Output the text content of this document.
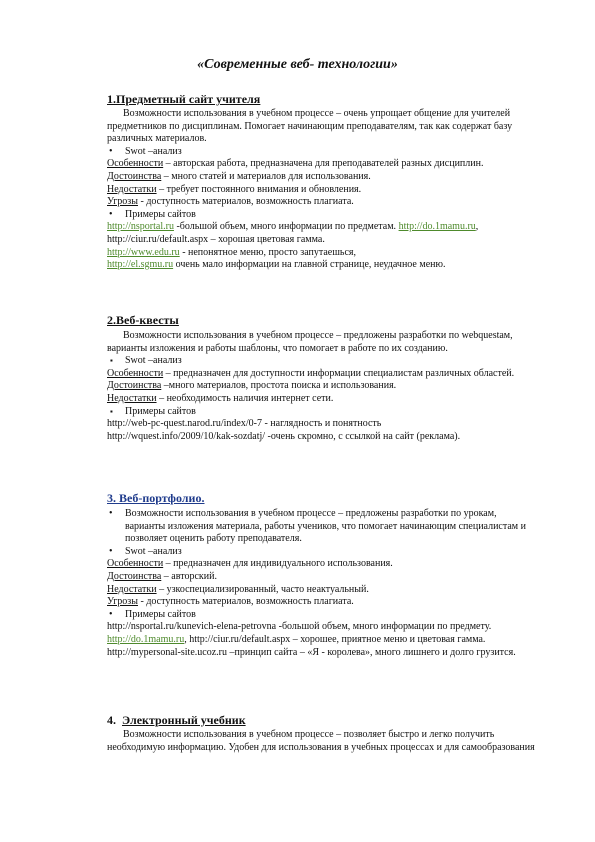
«Современные веб- технологии»
1.Предметный сайт учителя

Возможности использования в учебном процессе – очень упрощает общение для учителей предметников по дисциплинам. Помогает начинающим преподавателям, так как содержат базу различных материалов.

• Swot –анализ

Особенности – авторская работа, предназначена для преподавателей разных дисциплин.

Достоинства – много статей и материалов для использования.

Недостатки – требует постоянного внимания и обновления.

Угрозы - доступность материалов, возможность плагиата.

• Примеры сайтов

http://nsportal.ru -большой объем, много информации по предметам. http://do.1mamu.ru,

http://ciur.ru/default.aspx – хорошая цветовая гамма.

http://www.edu.ru - непонятное меню, просто запутаешься,

http://el.sgmu.ru очень мало информации на главной странице, неудачное меню.

2.Веб-квесты

Возможности использования в учебном процессе – предложены разработки по webquestам, варианты изложения и работы шаблоны, что помогает в работе по их созданию.

▪ Swot –анализ

Особенности – предназначен для доступности информации специалистам различных областей.

Достоинства –много материалов, простота поиска и использования.

Недостатки – необходимость наличия интернет сети.

▪ Примеры сайтов

http://web-pc-quest.narod.ru/index/0-7 - наглядность и понятность

http://wquest.info/2009/10/kak-sozdatj/ -очень скромно, с ссылкой на сайт (реклама).

3. Веб-портфолио.

• Возможности использования в учебном процессе – предложены разработки по урокам, варианты изложения материала, работы учеников, что помогает начинающим специалистам и позволяет оценить работу преподавателя.

• Swot –анализ

Особенности – предназначен для индивидуального использования.

Достоинства – авторский.

Недостатки – узкоспециализированный, часто неактуальный.

Угрозы - доступность материалов, возможность плагиата.

• Примеры сайтов

http://nsportal.ru/kunevich-elena-petrovna -большой объем, много информации по предмету. http://do.1mamu.ru, http://ciur.ru/default.aspx – хорошее, приятное меню и цветовая гамма.

http://mypersonal-site.ucoz.ru –принцип сайта – «Я - королева», много лишнего и долго грузится.

4. Электронный учебник

Возможности использования в учебном процессе – позволяет быстро и легко получить необходимую информацию. Удобен для использования в учебных процессах и для самообразования
